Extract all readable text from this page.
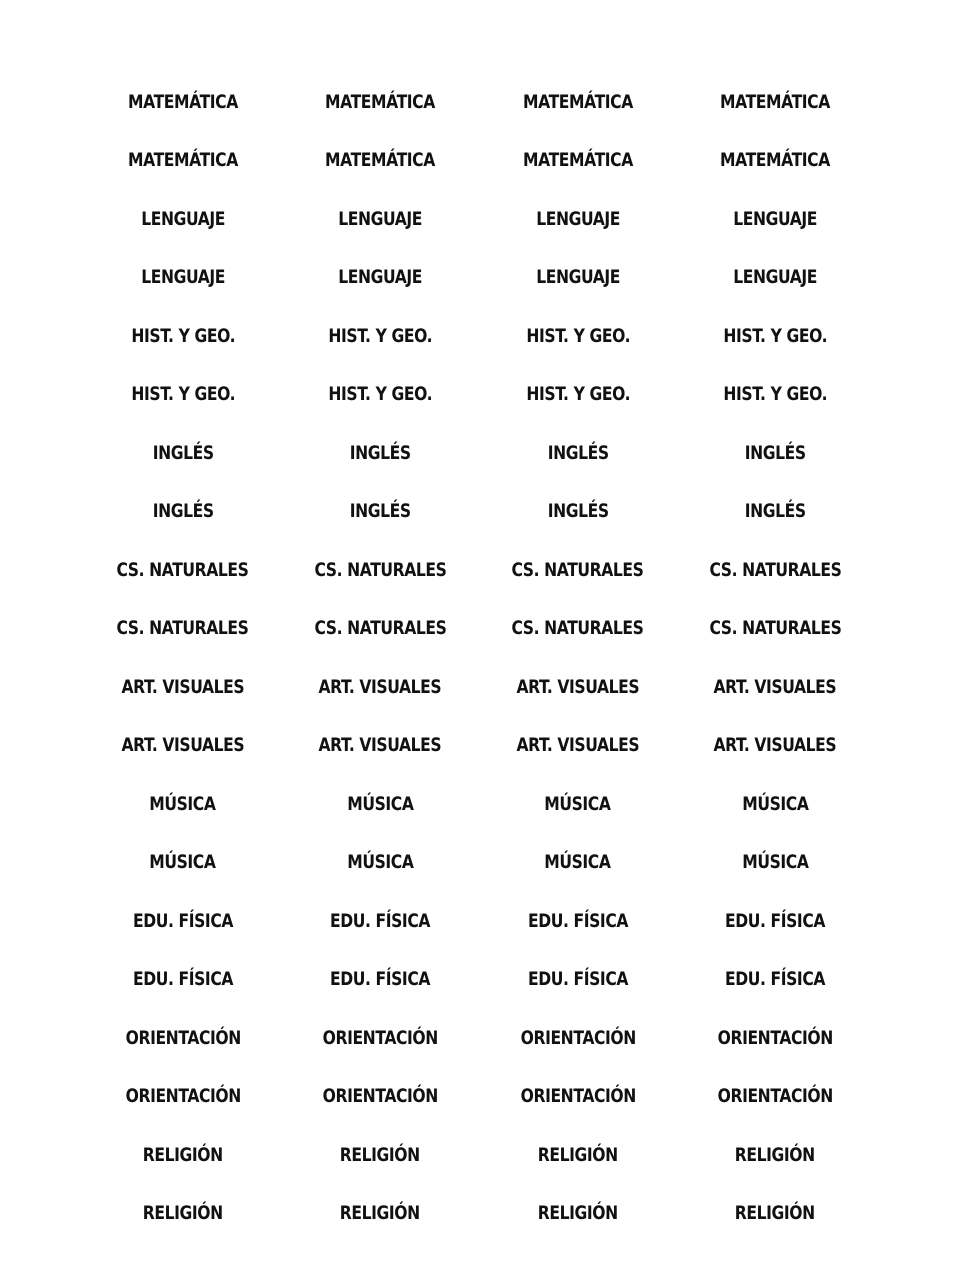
MATEMÁTICA	MATEMÁTICA	MATEMÁTICA	MATEMÁTICA
MATEMÁTICA	MATEMÁTICA	MATEMÁTICA	MATEMÁTICA
LENGUAJE	LENGUAJE	LENGUAJE	LENGUAJE
LENGUAJE	LENGUAJE	LENGUAJE	LENGUAJE
HIST. Y GEO.	HIST. Y GEO.	HIST. Y GEO.	HIST. Y GEO.
HIST. Y GEO.	HIST. Y GEO.	HIST. Y GEO.	HIST. Y GEO.
INGLÉS	INGLÉS	INGLÉS	INGLÉS
INGLÉS	INGLÉS	INGLÉS	INGLÉS
CS. NATURALES	CS. NATURALES	CS. NATURALES	CS. NATURALES
CS. NATURALES	CS. NATURALES	CS. NATURALES	CS. NATURALES
ART. VISUALES	ART. VISUALES	ART. VISUALES	ART. VISUALES
ART. VISUALES	ART. VISUALES	ART. VISUALES	ART. VISUALES
MÚSICA	MÚSICA	MÚSICA	MÚSICA
MÚSICA	MÚSICA	MÚSICA	MÚSICA
EDU. FÍSICA	EDU. FÍSICA	EDU. FÍSICA	EDU. FÍSICA
EDU. FÍSICA	EDU. FÍSICA	EDU. FÍSICA	EDU. FÍSICA
ORIENTACIÓN	ORIENTACIÓN	ORIENTACIÓN	ORIENTACIÓN
ORIENTACIÓN	ORIENTACIÓN	ORIENTACIÓN	ORIENTACIÓN
RELIGIÓN	RELIGIÓN	RELIGIÓN	RELIGIÓN
RELIGIÓN	RELIGIÓN	RELIGIÓN	RELIGIÓN
